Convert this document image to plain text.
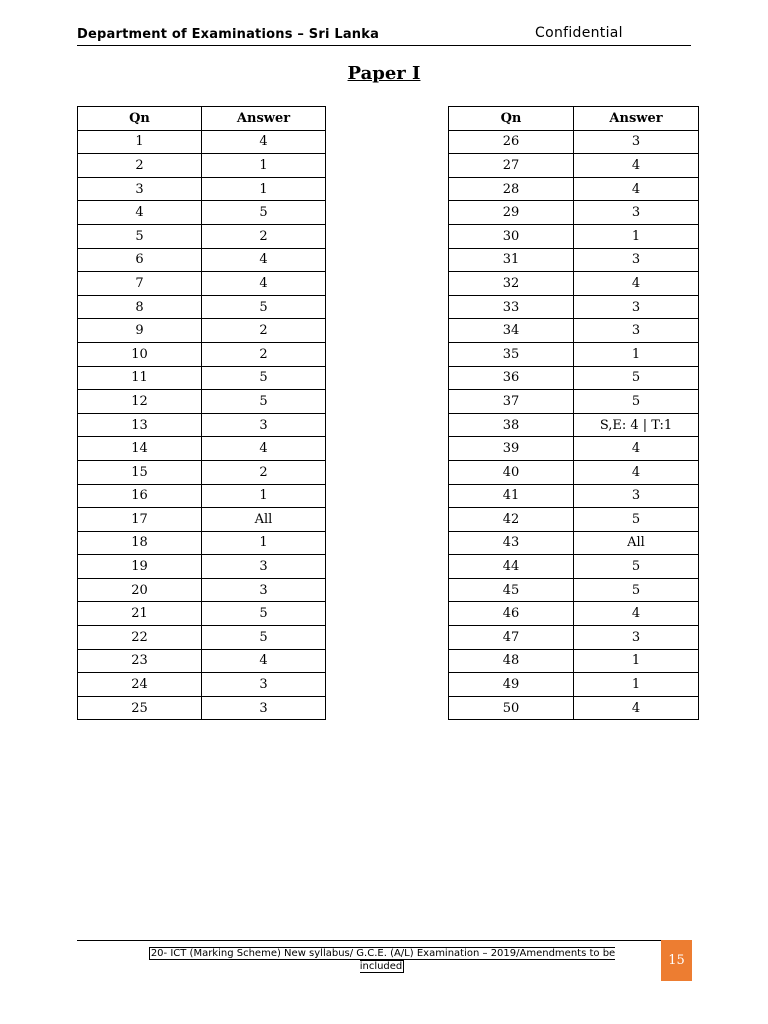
Department of Examinations – Sri Lanka	Confidential
Paper I
Qn	Answer
1	4
2	1
3	1
4	5
5	2
6	4
7	4
8	5
9	2
10	2
11	5
12	5
13	3
14	4
15	2
16	1
17	All
18	1
19	3
20	3
21	5
22	5
23	4
24	3
25	3
Qn	Answer
26	3
27	4
28	4
29	3
30	1
31	3
32	4
33	3
34	3
35	1
36	5
37	5
38	S,E: 4 | T:1
39	4
40	4
41	3
42	5
43	All
44	5
45	5
46	4
47	3
48	1
49	1
50	4
20- ICT (Marking Scheme) New syllabus/ G.C.E. (A/L) Examination – 2019/Amendments to be included	15
